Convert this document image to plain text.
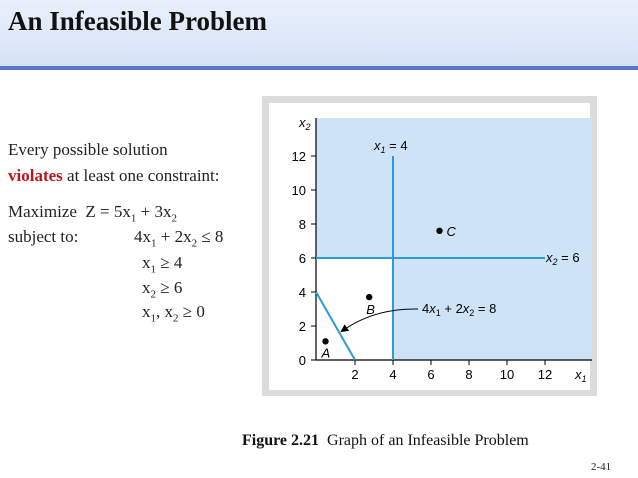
An Infeasible Problem
Every possible solution
violates at least one constraint:
Maximize $Z = 5x_1 + 3x_2$
subject to:	$4x_1 + 2x_2 \le 8$
$x_1 \ge 4$
$x_2 \ge 6$
$x_1$, $x_2 \ge 0$
0
2
4
6
8
10
12
2 4 6 8 10 12
$x_2$
$x_1$
$x_1 = 4$
$x_2 = 6$
$4x_1 + 2x_2 = 8$
A
B
C
Figure 2.21 Graph of an Infeasible Problem
2-41
